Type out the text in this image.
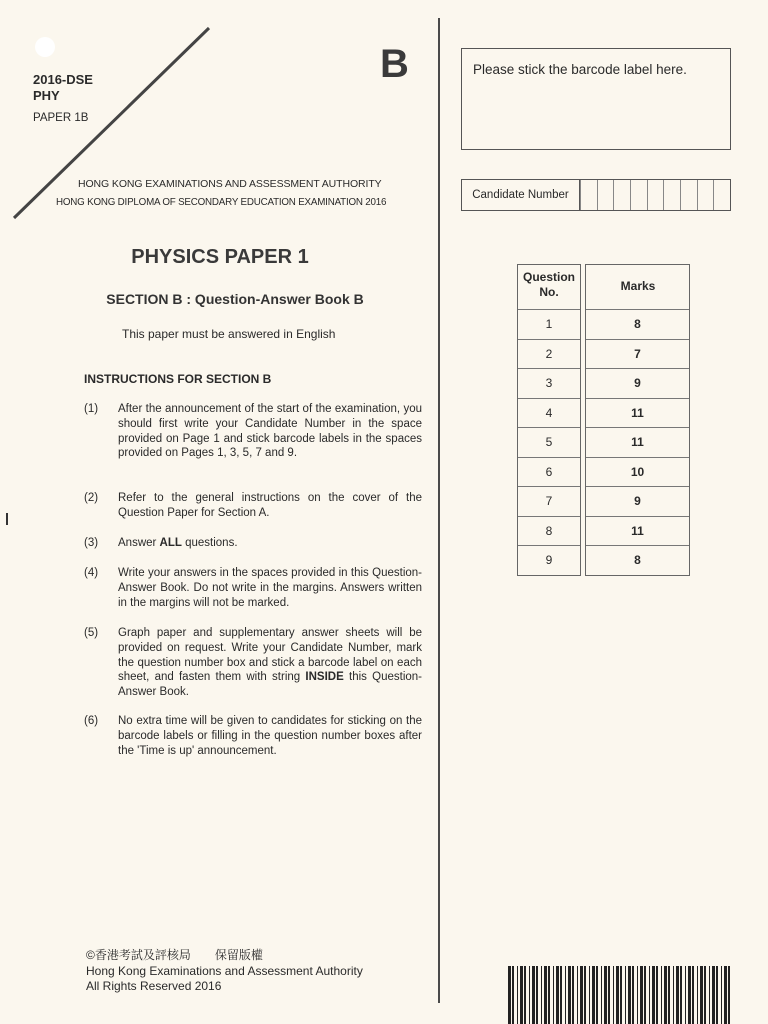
2016-DSE
PHY
PAPER 1B
B
HONG KONG EXAMINATIONS AND ASSESSMENT AUTHORITY
HONG KONG DIPLOMA OF SECONDARY EDUCATION EXAMINATION 2016
PHYSICS PAPER 1
SECTION B : Question-Answer Book B
This paper must be answered in English
INSTRUCTIONS FOR SECTION B
(1) After the announcement of the start of the examination, you should first write your Candidate Number in the space provided on Page 1 and stick barcode labels in the spaces provided on Pages 1, 3, 5, 7 and 9.
(2) Refer to the general instructions on the cover of the Question Paper for Section A.
(3) Answer ALL questions.
(4) Write your answers in the spaces provided in this Question-Answer Book. Do not write in the margins. Answers written in the margins will not be marked.
(5) Graph paper and supplementary answer sheets will be provided on request. Write your Candidate Number, mark the question number box and stick a barcode label on each sheet, and fasten them with string INSIDE this Question-Answer Book.
(6) No extra time will be given to candidates for sticking on the barcode labels or filling in the question number boxes after the 'Time is up' announcement.
Please stick the barcode label here.
Candidate Number
Question No.	Marks
1	8
2	7
3	9
4	11
5	11
6	10
7	9
8	11
9	8
©香港考試及評核局　　保留版權
Hong Kong Examinations and Assessment Authority
All Rights Reserved 2016
